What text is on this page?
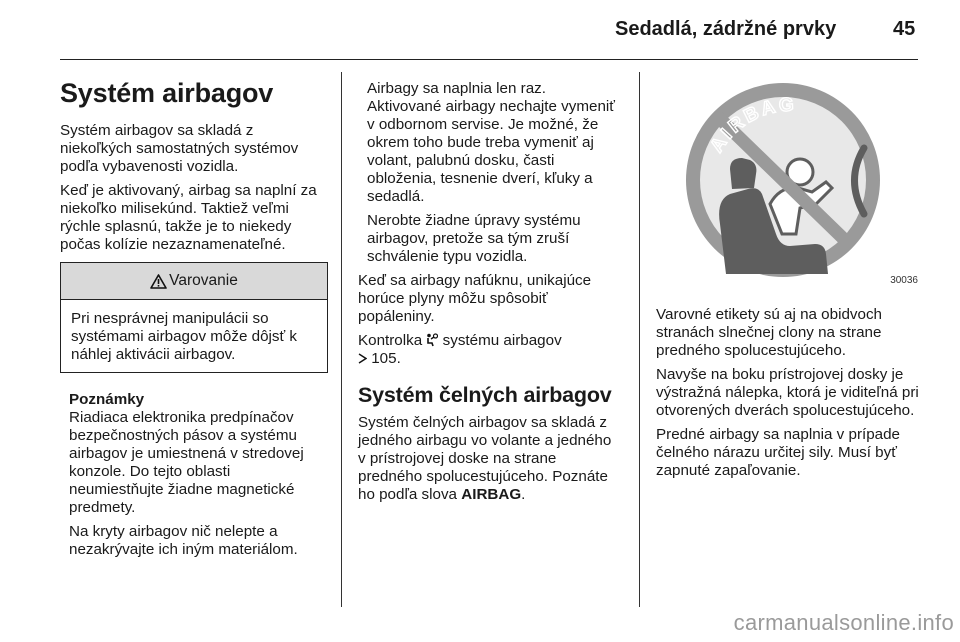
Sedadlá, zádržné prvky	45
Systém airbagov

Systém airbagov sa skladá z niekoľkých samostatných systémov podľa vybavenosti vozidla.

Keď je aktivovaný, airbag sa naplní za niekoľko milisekúnd. Taktiež veľmi rýchle splasnú, takže je to niekedy počas kolízie nezaznamenateľné.

Varovanie
Pri nesprávnej manipulácii so systémami airbagov môže dôjsť k náhlej aktivácii airbagov.
Poznámky

Riadiaca elektronika predpínačov bezpečnostných pásov a systému airbagov je umiestnená v stredovej konzole. Do tejto oblasti neumiestňujte žiadne magnetické predmety.

Na kryty airbagov nič nelepte a nezakrývajte ich iným materiálom.

Airbagy sa naplnia len raz. Aktivované airbagy nechajte vymeniť v odbornom servise. Je možné, že okrem toho bude treba vymeniť aj volant, palubnú dosku, časti obloženia, tesnenie dverí, kľuky a sedadlá.

Nerobte žiadne úpravy systému airbagov, pretože sa tým zruší schválenie typu vozidla.

Keď sa airbagy nafúknu, unikajúce horúce plyny môžu spôsobiť popáleniny.

Kontrolka systému airbagov
105.

Systém čelných airbagov

Systém čelných airbagov sa skladá z jedného airbagu vo volante a jedného v prístrojovej doske na strane predného spolucestujúceho. Poznáte ho podľa slova AIRBAG.

AIRBAG
30036

Varovné etikety sú aj na obidvoch stranách slnečnej clony na strane predného spolucestujúceho.

Navyše na boku prístrojovej dosky je výstražná nálepka, ktorá je viditeľná pri otvorených dverách spolucestujúceho.

Predné airbagy sa naplnia v prípade čelného nárazu určitej sily. Musí byť zapnuté zapaľovanie.

carmanualsonline.info
